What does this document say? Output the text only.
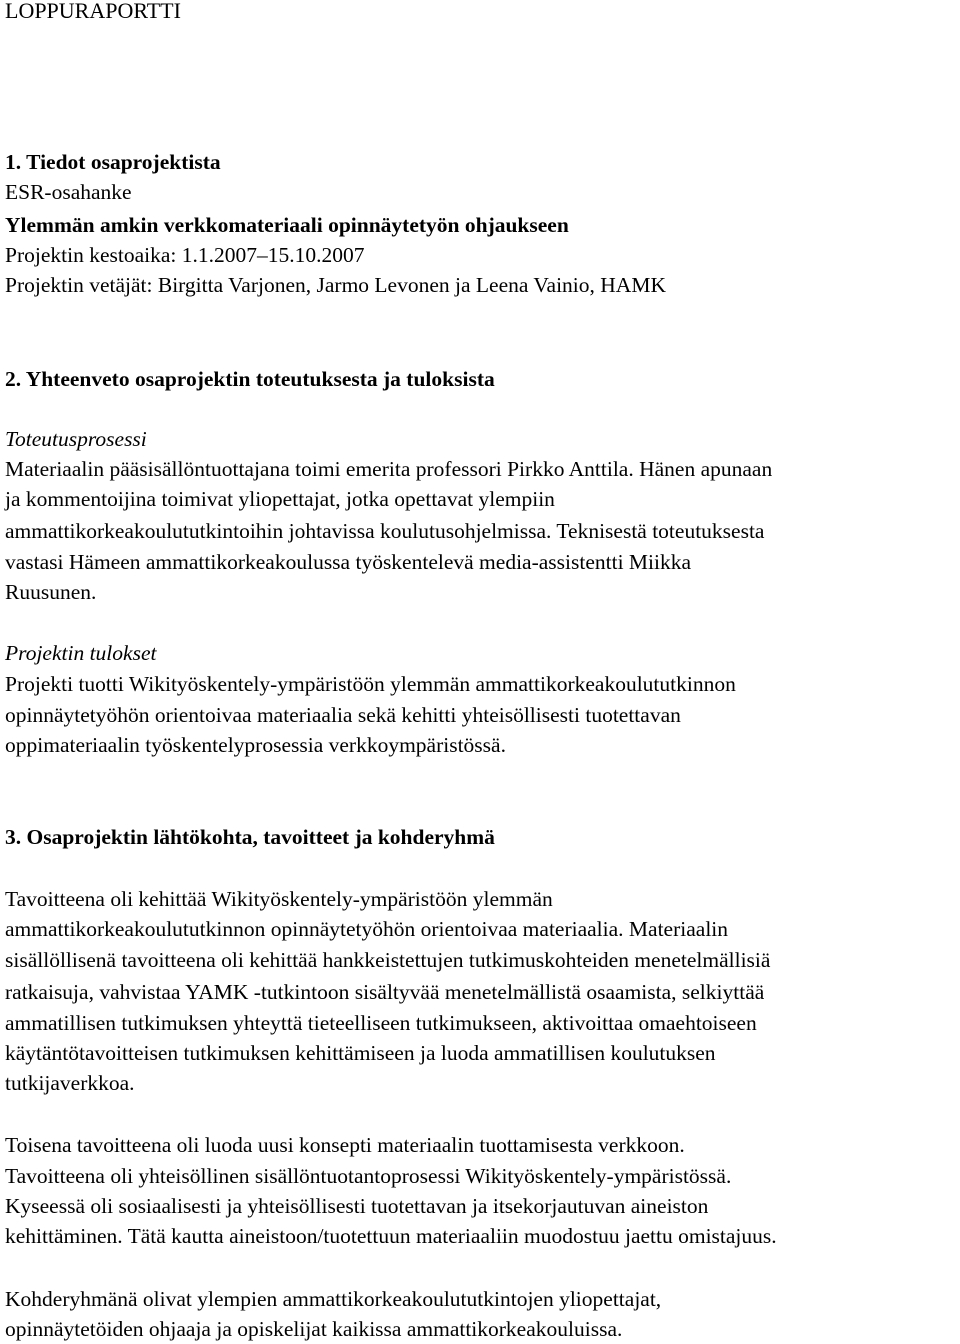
LOPPURAPORTTI
1. Tiedot osaprojektista
ESR-osahanke
Ylemmän amkin verkkomateriaali opinnäytetyön ohjaukseen
Projektin kestoaika: 1.1.2007–15.10.2007
Projektin vetäjät: Birgitta Varjonen, Jarmo Levonen ja Leena Vainio, HAMK
2. Yhteenveto osaprojektin toteutuksesta ja tuloksista
Toteutusprosessi
Materiaalin pääsisällöntuottajana toimi emerita professori Pirkko Anttila. Hänen apunaan
ja kommentoijina toimivat yliopettajat, jotka opettavat ylempiin
ammattikorkeakoulututkintoihin johtavissa koulutusohjelmissa. Teknisestä toteutuksesta
vastasi Hämeen ammattikorkeakoulussa työskentelevä media-assistentti Miikka
Ruusunen.
Projektin tulokset
Projekti tuotti Wikityöskentely-ympäristöön ylemmän ammattikorkeakoulututkinnon
opinnäytetyöhön orientoivaa materiaalia sekä kehitti yhteisöllisesti tuotettavan
oppimateriaalin työskentelyprosessia verkkoympäristössä.
3. Osaprojektin lähtökohta, tavoitteet ja kohderyhmä
Tavoitteena oli kehittää Wikityöskentely-ympäristöön ylemmän
ammattikorkeakoulututkinnon opinnäytetyöhön orientoivaa materiaalia. Materiaalin
sisällöllisenä tavoitteena oli kehittää hankkeistettujen tutkimuskohteiden menetelmällisiä
ratkaisuja, vahvistaa YAMK -tutkintoon sisältyvää menetelmällistä osaamista, selkiyttää
ammatillisen tutkimuksen yhteyttä tieteelliseen tutkimukseen, aktivoittaa omaehtoiseen
käytäntötavoitteisen tutkimuksen kehittämiseen ja luoda ammatillisen koulutuksen
tutkijaverkkoa.
Toisena tavoitteena oli luoda uusi konsepti materiaalin tuottamisesta verkkoon.
Tavoitteena oli yhteisöllinen sisällöntuotantoprosessi Wikityöskentely-ympäristössä.
Kyseessä oli sosiaalisesti ja yhteisöllisesti tuotettavan ja itsekorjautuvan aineiston
kehittäminen. Tätä kautta aineistoon/tuotettuun materiaaliin muodostuu jaettu omistajuus.
Kohderyhmänä olivat ylempien ammattikorkeakoulututkintojen yliopettajat,
opinnäytetöiden ohjaaja ja opiskelijat kaikissa ammattikorkeakouluissa.
